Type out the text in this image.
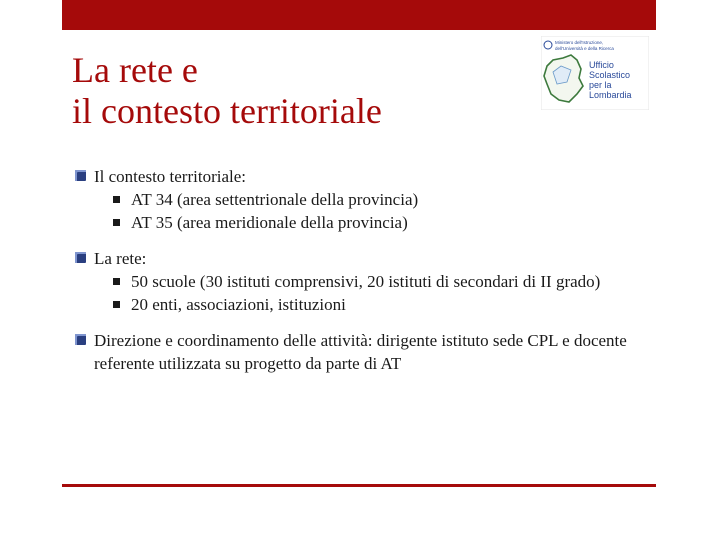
La rete e
il contesto territoriale
Ministero dell'Istruzione,
dell'Università e della Ricerca
Ufficio
Scolastico
per la
Lombardia
Il contesto territoriale:
AT 34 (area settentrionale della provincia)
AT 35 (area meridionale della provincia)
La rete:
50 scuole (30 istituti comprensivi, 20 istituti di secondari di II grado)
20 enti, associazioni, istituzioni
Direzione e coordinamento delle attività: dirigente istituto sede CPL e docente referente utilizzata su progetto da parte di AT
